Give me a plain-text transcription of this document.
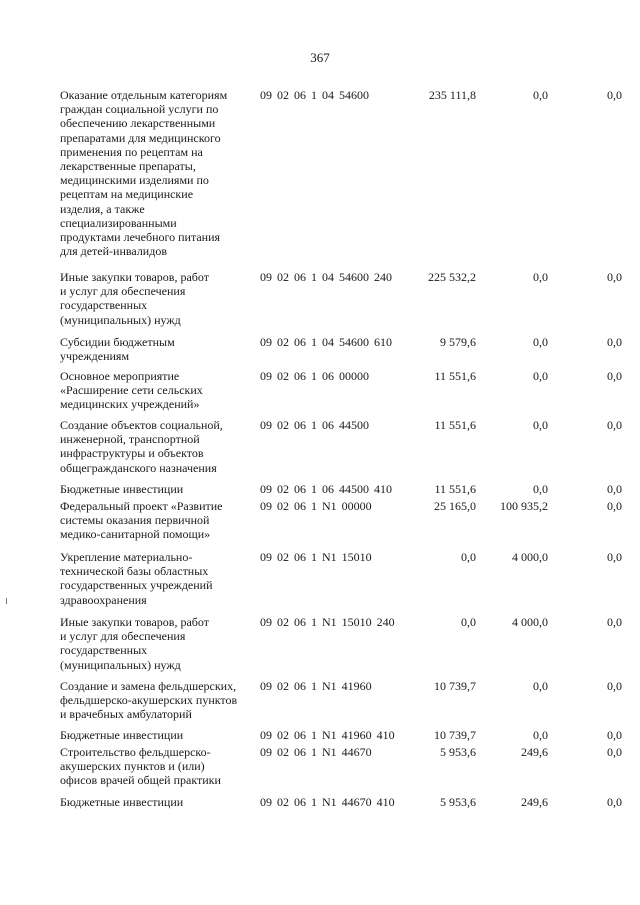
367
Оказание отдельным категориям
граждан социальной услуги по
обеспечению лекарственными
препаратами для медицинского
применения по рецептам на
лекарственные препараты,
медицинскими изделиями по
рецептам на медицинские
изделия, а также
специализированными
продуктами лечебного питания
для детей-инвалидов
09 02 06 1 04 54600	235 111,8	0,0	0,0
Иные закупки товаров, работ
и услуг для обеспечения
государственных
(муниципальных) нужд
09 02 06 1 04 54600 240	225 532,2	0,0	0,0
Субсидии бюджетным
учреждениям
09 02 06 1 04 54600 610	9 579,6	0,0	0,0
Основное мероприятие
«Расширение сети сельских
медицинских учреждений»
09 02 06 1 06 00000	11 551,6	0,0	0,0
Создание объектов социальной,
инженерной, транспортной
инфраструктуры и объектов
общегражданского назначения
09 02 06 1 06 44500	11 551,6	0,0	0,0
Бюджетные инвестиции	09 02 06 1 06 44500 410	11 551,6	0,0	0,0
Федеральный проект «Развитие
системы оказания первичной
медико-санитарной помощи»
09 02 06 1 N1 00000	25 165,0	100 935,2	0,0
Укрепление материально-
технической базы областных
государственных учреждений
здравоохранения
09 02 06 1 N1 15010	0,0	4 000,0	0,0
Иные закупки товаров, работ
и услуг для обеспечения
государственных
(муниципальных) нужд
09 02 06 1 N1 15010 240	0,0	4 000,0	0,0
Создание и замена фельдшерских,
фельдшерско-акушерских пунктов
и врачебных амбулаторий
09 02 06 1 N1 41960	10 739,7	0,0	0,0
Бюджетные инвестиции	09 02 06 1 N1 41960 410	10 739,7	0,0	0,0
Строительство фельдшерско-
акушерских пунктов и (или)
офисов врачей общей практики
09 02 06 1 N1 44670	5 953,6	249,6	0,0
Бюджетные инвестиции	09 02 06 1 N1 44670 410	5 953,6	249,6	0,0
